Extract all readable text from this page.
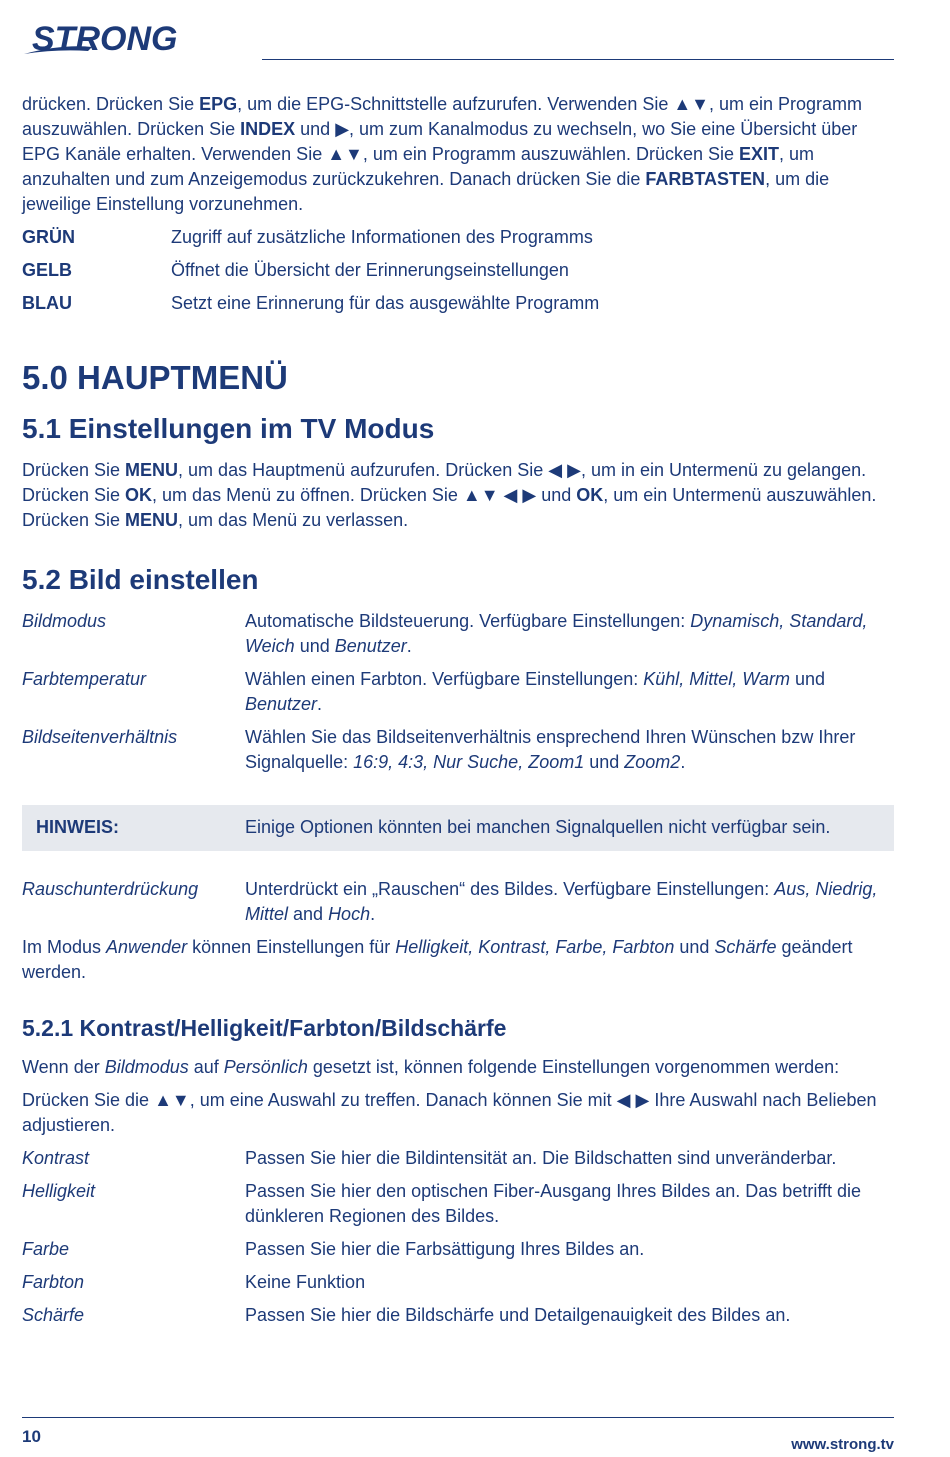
STRONG

drücken. Drücken Sie EPG, um die EPG-Schnittstelle aufzurufen. Verwenden Sie ▲▼, um ein Programm auszuwählen. Drücken Sie INDEX und ▶, um zum Kanalmodus zu wechseln, wo Sie eine Übersicht über EPG Kanäle erhalten. Verwenden Sie ▲▼, um ein Programm auszuwählen. Drücken Sie EXIT, um anzuhalten und zum Anzeigemodus zurückzukehren. Danach drücken Sie die FARBTASTEN, um die jeweilige Einstellung vorzunehmen.

GRÜN	Zugriff auf zusätzliche Informationen des Programms
GELB	Öffnet die Übersicht der Erinnerungseinstellungen
BLAU	Setzt eine Erinnerung für das ausgewählte Programm
5.0 HAUPTMENÜ
5.1 Einstellungen im TV Modus

Drücken Sie MENU, um das Hauptmenü aufzurufen. Drücken Sie ◀ ▶, um in ein Untermenü zu gelangen. Drücken Sie OK, um das Menü zu öffnen. Drücken Sie ▲▼ ◀ ▶ und OK, um ein Untermenü auszuwählen. Drücken Sie MENU, um das Menü zu verlassen.

5.2 Bild einstellen
Bildmodus	Automatische Bildsteuerung. Verfügbare Einstellungen: Dynamisch, Standard, Weich und Benutzer.
Farbtemperatur	Wählen einen Farbton. Verfügbare Einstellungen: Kühl, Mittel, Warm und Benutzer.
Bildseitenverhältnis	Wählen Sie das Bildseitenverhältnis ensprechend Ihren Wünschen bzw Ihrer Signalquelle: 16:9, 4:3, Nur Suche, Zoom1 und Zoom2.
HINWEIS:	Einige Optionen könnten bei manchen Signalquellen nicht verfügbar sein.
Rauschunterdrückung	Unterdrückt ein „Rauschen“ des Bildes. Verfügbare Einstellungen: Aus, Niedrig, Mittel and Hoch.

Im Modus Anwender können Einstellungen für Helligkeit, Kontrast, Farbe, Farbton und Schärfe geändert werden.

5.2.1 Kontrast/Helligkeit/Farbton/Bildschärfe

Wenn der Bildmodus auf Persönlich gesetzt ist, können folgende Einstellungen vorgenommen werden:

Drücken Sie die ▲▼, um eine Auswahl zu treffen. Danach können Sie mit ◀ ▶ Ihre Auswahl nach Belieben adjustieren.

Kontrast	Passen Sie hier die Bildintensität an. Die Bildschatten sind unveränderbar.
Helligkeit	Passen Sie hier den optischen Fiber-Ausgang Ihres Bildes an. Das betrifft die dünkleren Regionen des Bildes.
Farbe	Passen Sie hier die Farbsättigung Ihres Bildes an.
Farbton	Keine Funktion
Schärfe	Passen Sie hier die Bildschärfe und Detailgenauigkeit des Bildes an.
10	www.strong.tv
